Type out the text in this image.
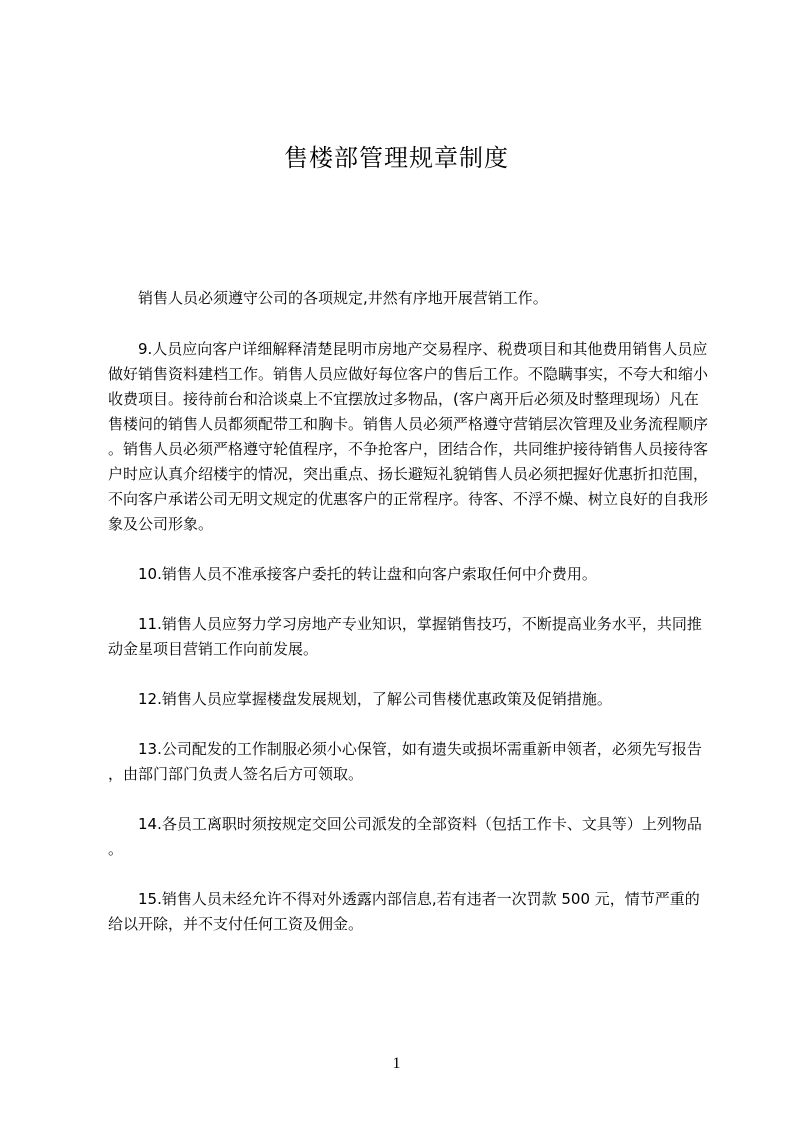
售楼部管理规章制度

销售人员必须遵守公司的各项规定,井然有序地开展营销工作。

9.人员应向客户详细解释清楚昆明市房地产交易程序、税费项目和其他费用销售人员应做好销售资料建档工作。销售人员应做好每位客户的售后工作。不隐瞒事实，不夸大和缩小收费项目。接待前台和洽谈桌上不宜摆放过多物品，(客户离开后必须及时整理现场）凡在售楼问的销售人员都须配带工和胸卡。销售人员必须严格遵守营销层次管理及业务流程顺序。销售人员必须严格遵守轮值程序，不争抢客户，团结合作，共同维护接待销售人员接待客户时应认真介绍楼宇的情况，突出重点、扬长避短礼貌销售人员必须把握好优惠折扣范围，不向客户承诺公司无明文规定的优惠客户的正常程序。待客、不浮不燥、树立良好的自我形象及公司形象。

10.销售人员不准承接客户委托的转让盘和向客户索取任何中介费用。

11.销售人员应努力学习房地产专业知识，掌握销售技巧，不断提高业务水平，共同推动金星项目营销工作向前发展。

12.销售人员应掌握楼盘发展规划，了解公司售楼优惠政策及促销措施。

13.公司配发的工作制服必须小心保管，如有遗失或损坏需重新申领者，必须先写报告，由部门部门负责人签名后方可领取。

14.各员工离职时须按规定交回公司派发的全部资料（包括工作卡、文具等）上列物品。

15.销售人员未经允许不得对外透露内部信息,若有违者一次罚款 500 元，情节严重的给以开除，并不支付任何工资及佣金。

1
